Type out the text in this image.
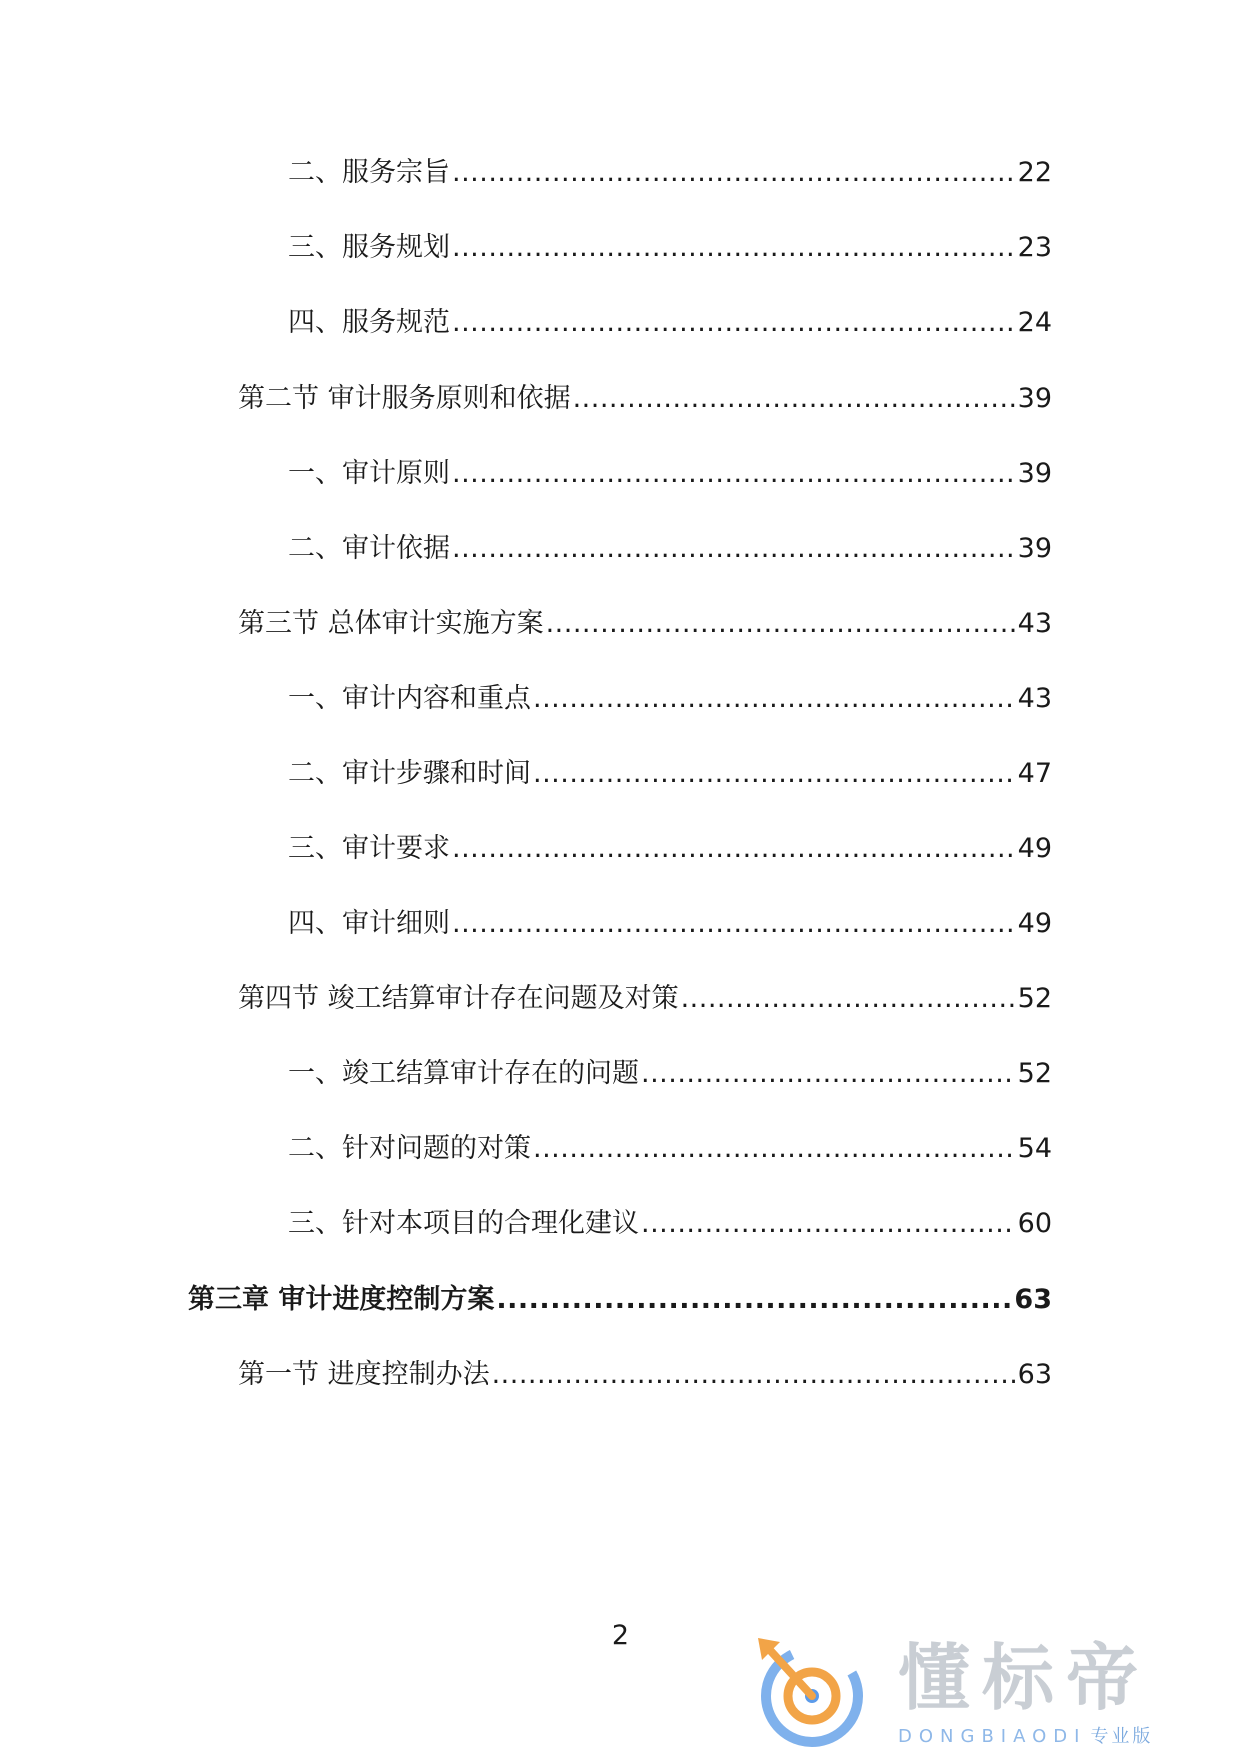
二、服务宗旨 .....	22
三、服务规划 .....	23
四、服务规范 .....	24
第二节 审计服务原则和依据 .....	39
一、审计原则 .....	39
二、审计依据 .....	39
第三节 总体审计实施方案 .....	43
一、审计内容和重点 .....	43
二、审计步骤和时间 .....	47
三、审计要求 .....	49
四、审计细则 .....	49
第四节 竣工结算审计存在问题及对策 .....	52
一、竣工结算审计存在的问题 .....	52
二、针对问题的对策 .....	54
三、针对本项目的合理化建议 .....	60
第三章 审计进度控制方案 .....	63
第一节 进度控制办法 .....	63
2
懂标帝
DONGBIAODI 专业版
